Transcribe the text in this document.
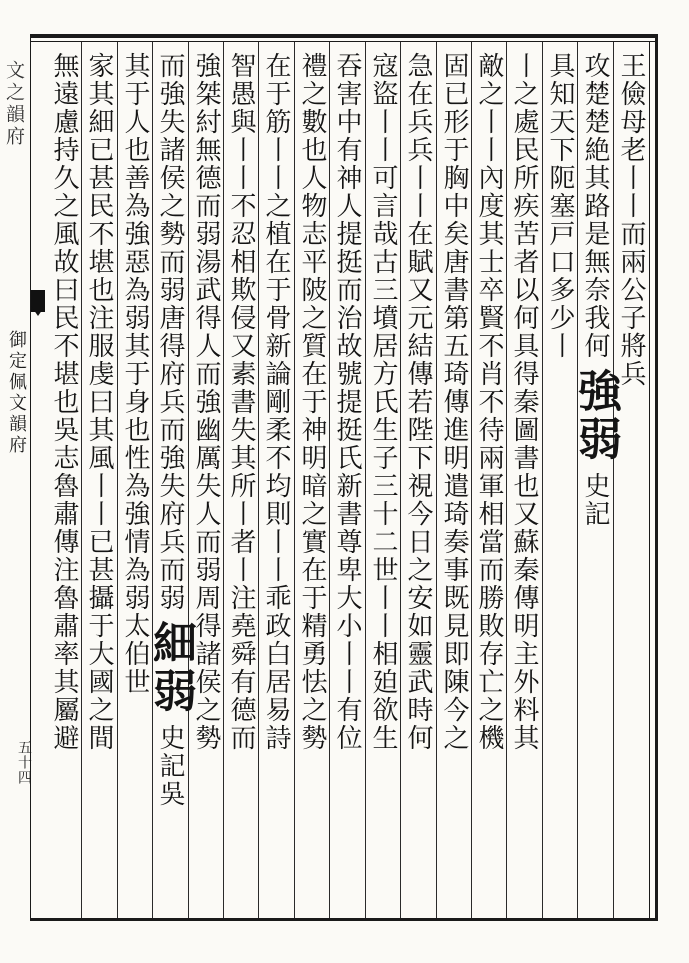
文之韻府
御定佩文韻府
五十四
王儉母老丨丨而兩公子將兵
攻楚楚絶其路是無奈我何強弱史記
具知天下阨塞戸口多少丨
丨之處民所疾苦者以何具得秦圖書也又蘇秦傳明主外料其
敵之丨丨內度其士卒賢不肖不待兩軍相當而勝敗存亡之機
固已形于胸中矣唐書第五琦傳進明遣琦奏事既見即陳今之
急在兵兵丨丨在賦又元結傳若陛下視今日之安如靈武時何
寇盜丨丨可言哉古三墳居方氏生子三十二世丨丨相廹欲生
吞害中有神人提挺而治故號提挺氏新書尊卑大小丨丨有位
禮之數也人物志平陂之質在于神明暗之實在于精勇怯之勢
在于筋丨丨之植在于骨新論剛柔不均則丨丨乖政白居易詩
智愚與丨丨不忍相欺侵又素書失其所丨者丨注堯舜有德而
強桀紂無德而弱湯武得人而強幽厲失人而弱周得諸侯之勢
而強失諸侯之勢而弱唐得府兵而強失府兵而弱細弱史記吳
其于人也善為強惡為弱其于身也性為強情為弱太伯世
家其細已甚民不堪也注服虔曰其風丨丨已甚攝于大國之間
無遠慮持久之風故曰民不堪也吳志魯肅傳注魯肅率其屬避
